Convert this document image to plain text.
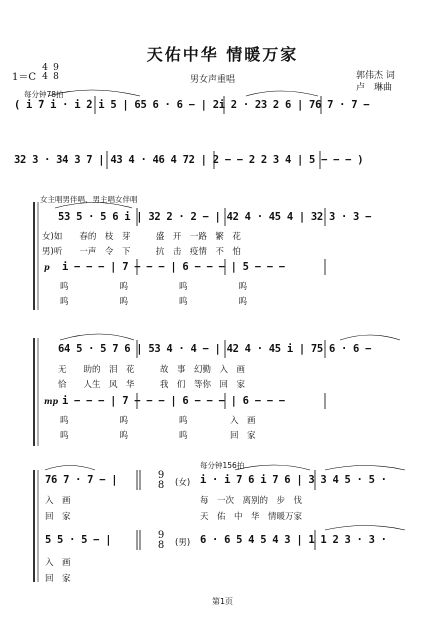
天佑中华 情暖万家
1＝C
4
4
9
8	男女声重唱	郭伟杰 词
卢　琳曲
每分钟78拍
( i ̇7 i · i ̇2 i 5 | 65 6 · 6 − | 2i 2 · 23 2 6 | 76 7 · 7 −
32 3 · 34 3 7 | 43 4 · 46 4 72 | 2 − − 2 2 3 4 | 5 − − − )
女主唱男伴唱、男主唱女伴唱
53 5 · 5 6 i | 32 2 · 2 − | 42 4 · 45 4 | 32 3 · 3 −
女)如　　春的　枝　芽　　　盛　开　一路　繁　花
男)听　　一声　令　下　　　抗　击　疫情　不　怕
p i − − − | 7 − − − | 6 − − − | 5 − − −
呜　　　　　　呜　　　　　　呜　　　　　　呜
呜　　　　　　呜　　　　　　呜　　　　　　呜
64 5 · 5 7 6 | 53 4 · 4 − | 42 4 · 45 i | 75 6 · 6 −
无　　助的　泪　花　　　故　事　幻勤　入　画
恰　　人生　风　华　　　我　们　等你　回　家
mp i − − − | 7 − − − | 6 − − − | 6 − − −
呜　　　　　　呜　　　　　　呜　　　　　入　画
呜　　　　　　呜　　　　　　呜　　　　　回　家
每分钟156拍
76 7 · 7 − |	9
8 (女) i · i 7 6 i 7 6 | 3 3 4 5 · 5 ·
入　画	每　一次　离别的　步　伐
回　家	天　佑　中　华　情暖万家
5 5 · 5 − |	9
8 (男) 6 · 6 5 4 5 4 3 | 1 1 2 3 · 3 ·
入　画
回　家
第1页
